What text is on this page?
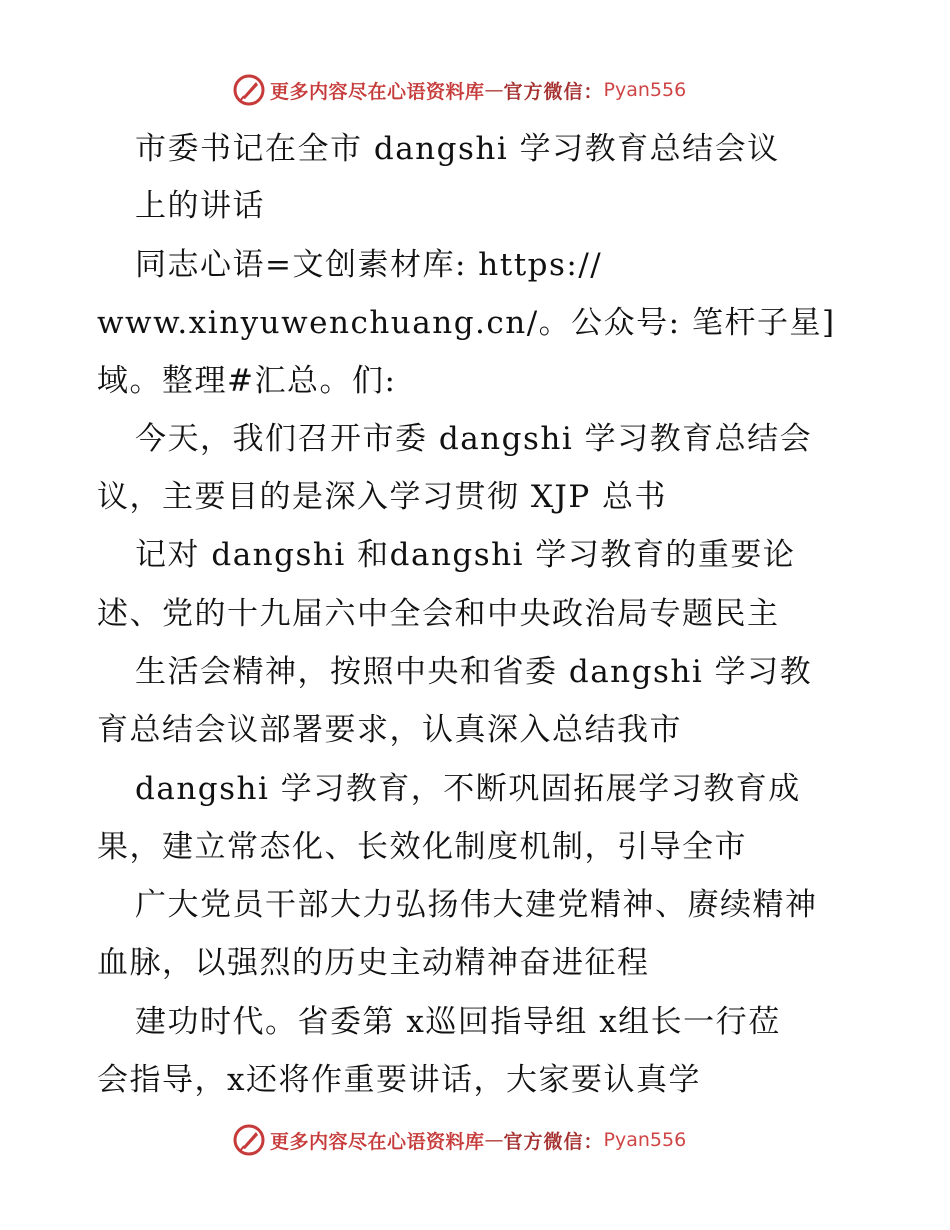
更多内容尽在心语资料库 — 官方微信： Pyan556
市委书记在全市 dangshi 学习教育总结会议
上的讲话
同志心语=文创素材库: https://
www.xinyuwenchuang.cn/。公众号: 笔杆子星]
域。整理#汇总。们:
今天，我们召开市委 dangshi 学习教育总结会
议，主要目的是深入学习贯彻 XJP 总书
记对 dangshi 和dangshi 学习教育的重要论
述、党的十九届六中全会和中央政治局专题民主
生活会精神，按照中央和省委 dangshi 学习教
育总结会议部署要求，认真深入总结我市
dangshi 学习教育，不断巩固拓展学习教育成
果，建立常态化、长效化制度机制，引导全市
广大党员干部大力弘扬伟大建党精神、赓续精神
血脉，以强烈的历史主动精神奋进征程
建功时代。省委第 x巡回指导组 x组长一行莅
会指导，x还将作重要讲话，大家要认真学
更多内容尽在心语资料库 — 官方微信： Pyan556
